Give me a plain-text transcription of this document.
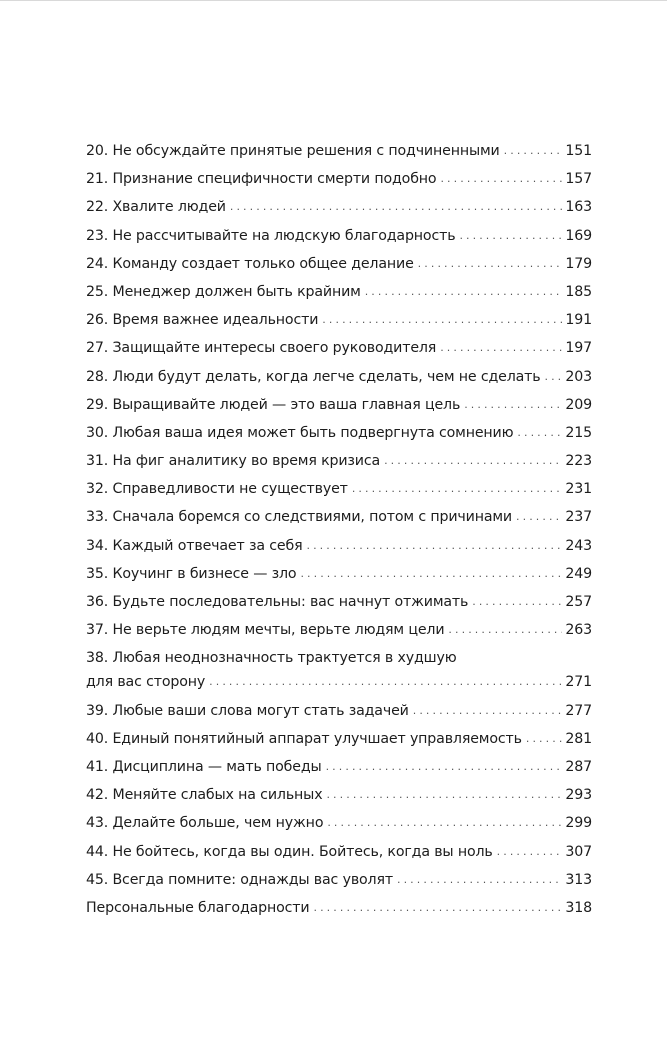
20. Не обсуждайте принятые решения с подчиненными . . .	151
21. Признание специфичности смерти подобно . . .	157
22. Хвалите людей . . .	163
23. Не рассчитывайте на людскую благодарность . . .	169
24. Команду создает только общее делание . . .	179
25. Менеджер должен быть крайним . . .	185
26. Время важнее идеальности . . .	191
27. Защищайте интересы своего руководителя . . .	197
28. Люди будут делать, когда легче сделать, чем не сделать . . . 203
29. Выращивайте людей — это ваша главная цель . . .	209
30. Любая ваша идея может быть подвергнута сомнению . . .	215
31. На фиг аналитику во время кризиса . . .	223
32. Справедливости не существует . . .	231
33. Сначала боремся со следствиями, потом с причинами . . .	237
34. Каждый отвечает за себя . . .	243
35. Коучинг в бизнесе — зло . . .	249
36. Будьте последовательны: вас начнут отжимать . . .	257
37. Не верьте людям мечты, верьте людям цели . . .	263
38. Любая неоднозначность трактуется в худшую
для вас сторону . . .	271
39. Любые ваши слова могут стать задачей . . .	277
40. Единый понятийный аппарат улучшает управляемость . . .	281
41. Дисциплина — мать победы . . .	287
42. Меняйте слабых на сильных . . .	293
43. Делайте больше, чем нужно . . .	299
44. Не бойтесь, когда вы один. Бойтесь, когда вы ноль . . .	307
45. Всегда помните: однажды вас уволят . . .	313
Персональные благодарности . . .	318
